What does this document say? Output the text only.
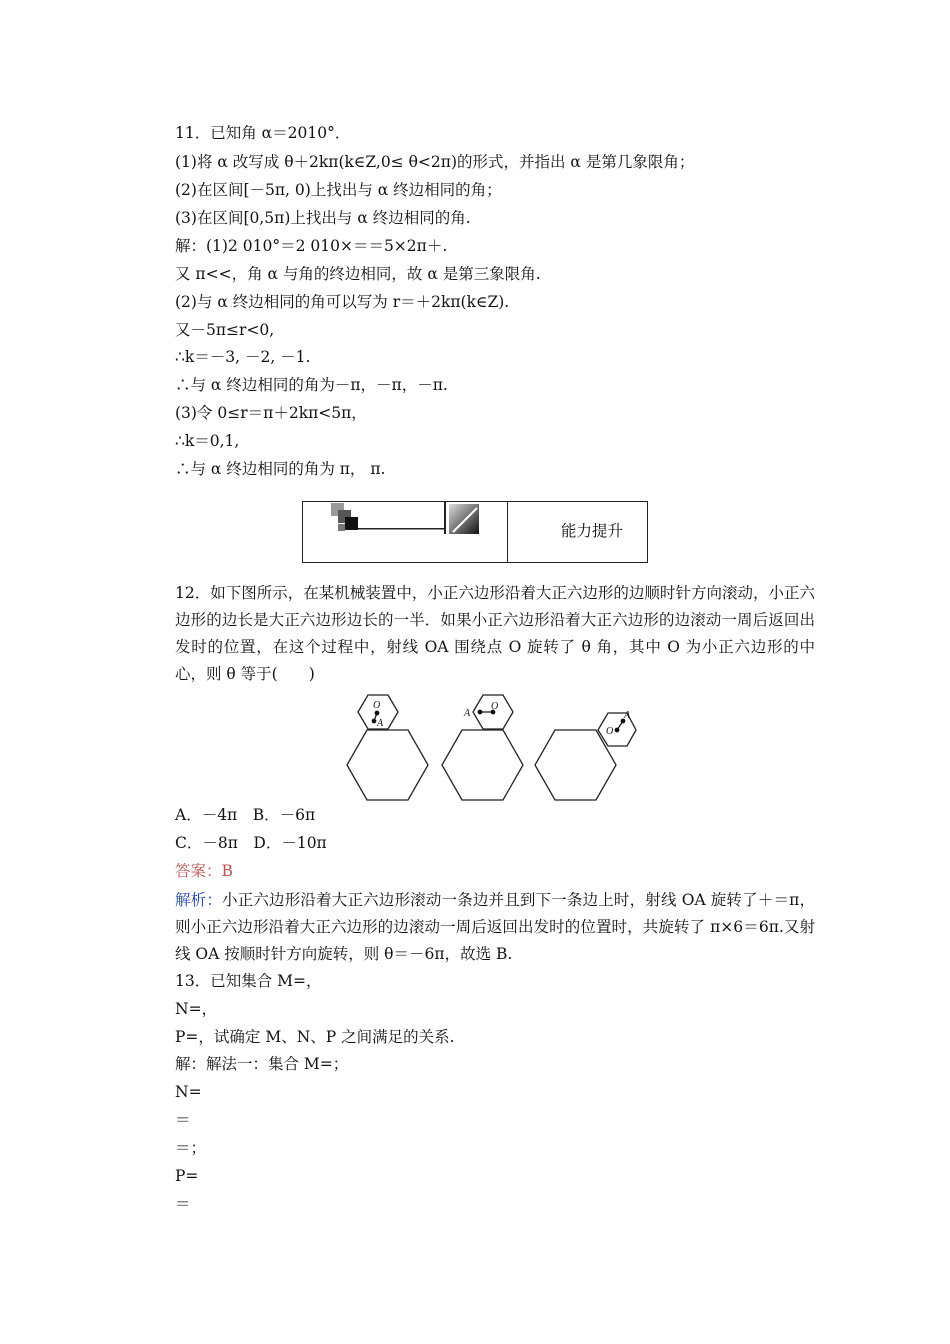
11．已知角 α＝2010°．
(1)将 α 改写成 θ＋2kπ(k∈Z,0≤ θ<2π)的形式，并指出 α 是第几象限角；
(2)在区间[－5π, 0)上找出与 α 终边相同的角；
(3)在区间[0,5π)上找出与 α 终边相同的角.
解：(1)2 010°＝2 010×＝＝5×2π＋.
又 π<<，角 α 与角的终边相同，故 α 是第三象限角.
(2)与 α 终边相同的角可以写为 r＝＋2kπ(k∈Z).
又－5π≤r<0,
∴k＝－3, －2, －1.
∴与 α 终边相同的角为－π，－π，－π.
(3)令 0≤r＝π＋2kπ<5π，
∴k＝0,1,
∴与 α 终边相同的角为 π， π.
能力提升
12．如下图所示，在某机械装置中，小正六边形沿着大正六边形的边顺时针方向滚动，小正六边形的边长是大正六边形边长的一半．如果小正六边形沿着大正六边形的边滚动一周后返回出发时的位置，在这个过程中，射线 OA 围绕点 O 旋转了 θ 角，其中 O 为小正六边形的中心，则 θ 等于(　　)
O
A
O
A
O
A
A．－4π　B．－6π
C．－8π　D．－10π
答案：B
解析：小正六边形沿着大正六边形滚动一条边并且到下一条边上时，射线 OA 旋转了＋＝π，则小正六边形沿着大正六边形的边滚动一周后返回出发时的位置时，共旋转了 π×6＝6π.又射线 OA 按顺时针方向旋转，则 θ＝－6π，故选 B.
13．已知集合 M=，
N=，
P=，试确定 M、N、P 之间满足的关系.
解：解法一：集合 M=；
N=
＝
＝；
P=
＝
